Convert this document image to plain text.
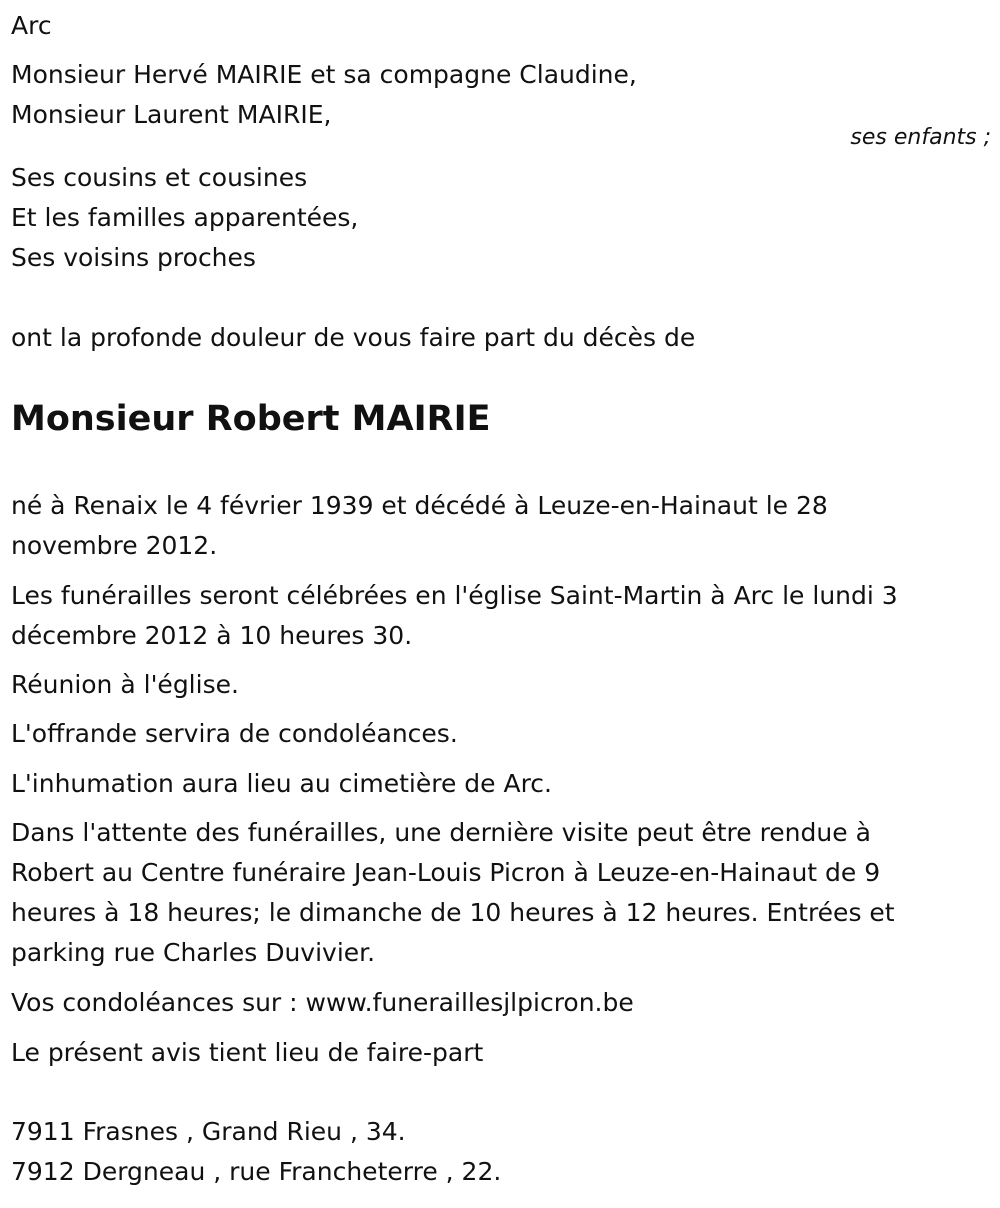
Arc
Monsieur Hervé MAIRIE et sa compagne Claudine,
Monsieur Laurent MAIRIE,
ses enfants ;
Ses cousins et cousines
Et les familles apparentées,
Ses voisins proches
ont la profonde douleur de vous faire part du décès de
Monsieur Robert MAIRIE
né à Renaix le 4 février 1939 et décédé à Leuze-en-Hainaut le 28
novembre 2012.
Les funérailles seront célébrées en l'église Saint-Martin à Arc le lundi 3
décembre 2012 à 10 heures 30.
Réunion à l'église.
L'offrande servira de condoléances.
L'inhumation aura lieu au cimetière de Arc.
Dans l'attente des funérailles, une dernière visite peut être rendue à
Robert au Centre funéraire Jean-Louis Picron à Leuze-en-Hainaut de 9
heures à 18 heures; le dimanche de 10 heures à 12 heures. Entrées et
parking rue Charles Duvivier.
Vos condoléances sur : www.funeraillesjlpicron.be
Le présent avis tient lieu de faire-part
7911 Frasnes , Grand Rieu , 34.
7912 Dergneau , rue Francheterre , 22.
